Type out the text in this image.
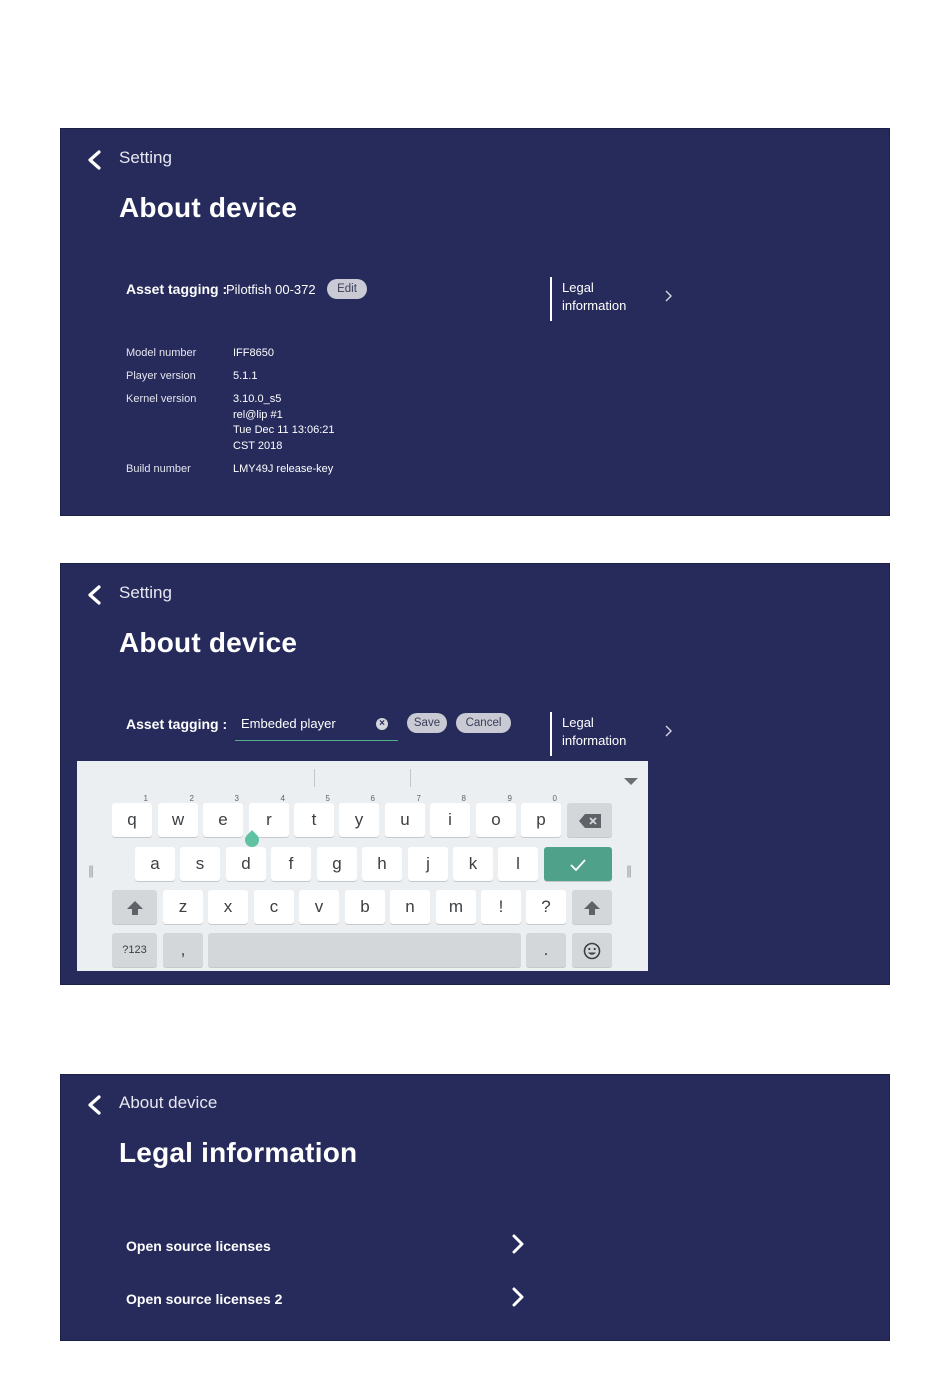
Setting
About device
Asset tagging :
Pilotfish 00-372	Edit	Legal information
Model number	IFF8650
Player version	5.1.1
Kernel version	3.10.0_s5
rel@lip #1
Tue Dec 11 13:06:21
CST 2018
Build number	LMY49J release-key
Setting
About device
Asset tagging : Embeded player	×	Save	Cancel	Legal information
|||	|||
q
1
w
2
e
3
r
4
t
5
y
6
u
7
i
8
o
9
p
0
a	s	d	f	g	h	j	k	l
z	x	c	v	b	n	m	!	?
?123	,	.
About device
Legal information
Open source licenses
Open source licenses 2
